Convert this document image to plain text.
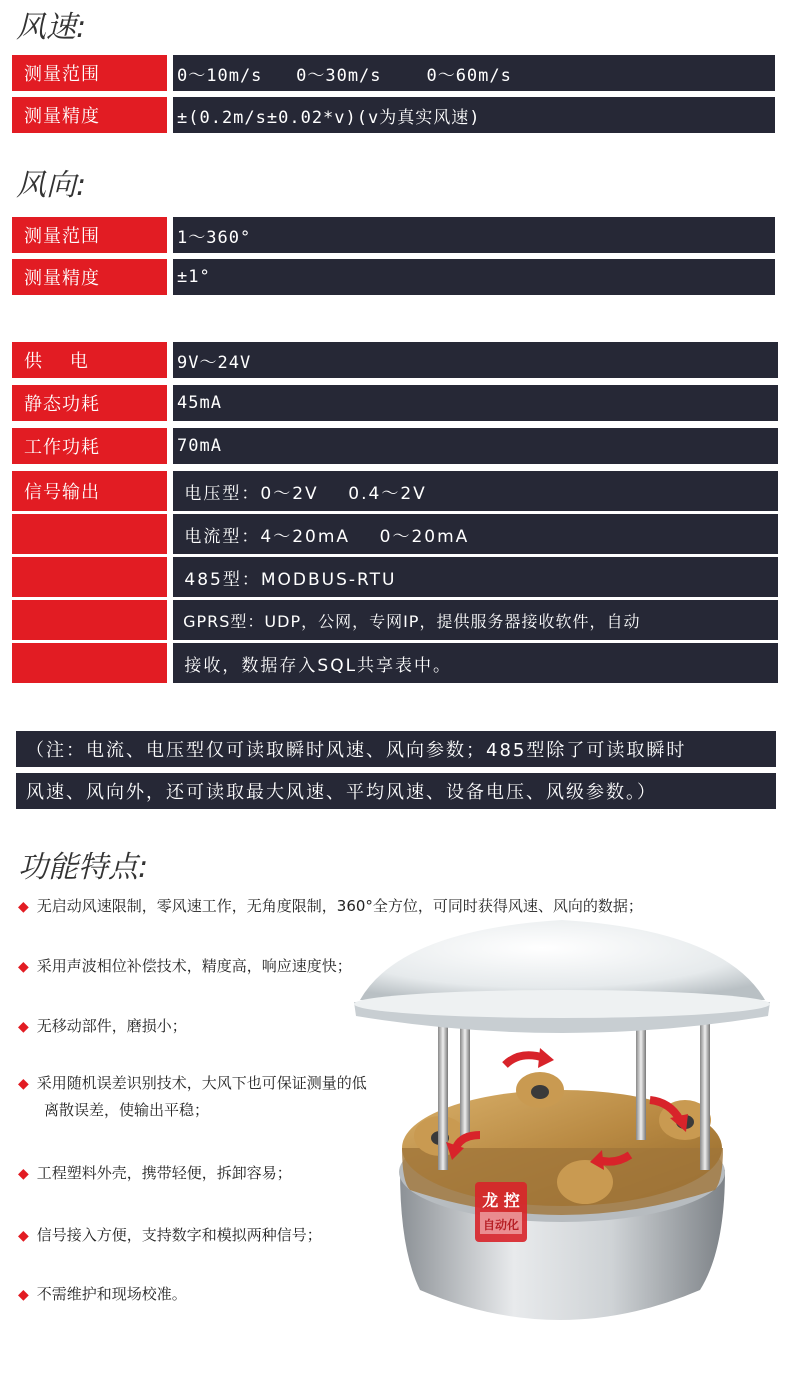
风速:
测量范围	0～10m/s   0～30m/s    0～60m/s
测量精度	±(0.2m/s±0.02*v)(v为真实风速)
风向:
测量范围	1～360°
测量精度	±1°
供    电	9V～24V
静态功耗	45mA
工作功耗	70mA
信号输出	电压型：0～2V    0.4～2V
电流型：4～20mA    0～20mA
485型：MODBUS-RTU
GPRS型：UDP，公网，专网IP，提供服务器接收软件，自动
接收，数据存入SQL共享表中。
（注：电流、电压型仅可读取瞬时风速、风向参数；485型除了可读取瞬时
风速、风向外，还可读取最大风速、平均风速、设备电压、风级参数。）
功能特点:
◆ 无启动风速限制，零风速工作，无角度限制，360°全方位，可同时获得风速、风向的数据；
◆ 采用声波相位补偿技术，精度高，响应速度快；
◆ 无移动部件，磨损小；
◆ 采用随机误差识别技术，大风下也可保证测量的低
离散误差，使输出平稳；
◆ 工程塑料外壳，携带轻便，拆卸容易；
◆ 信号接入方便，支持数字和模拟两种信号；
◆ 不需维护和现场校准。
龙 控
自动化
